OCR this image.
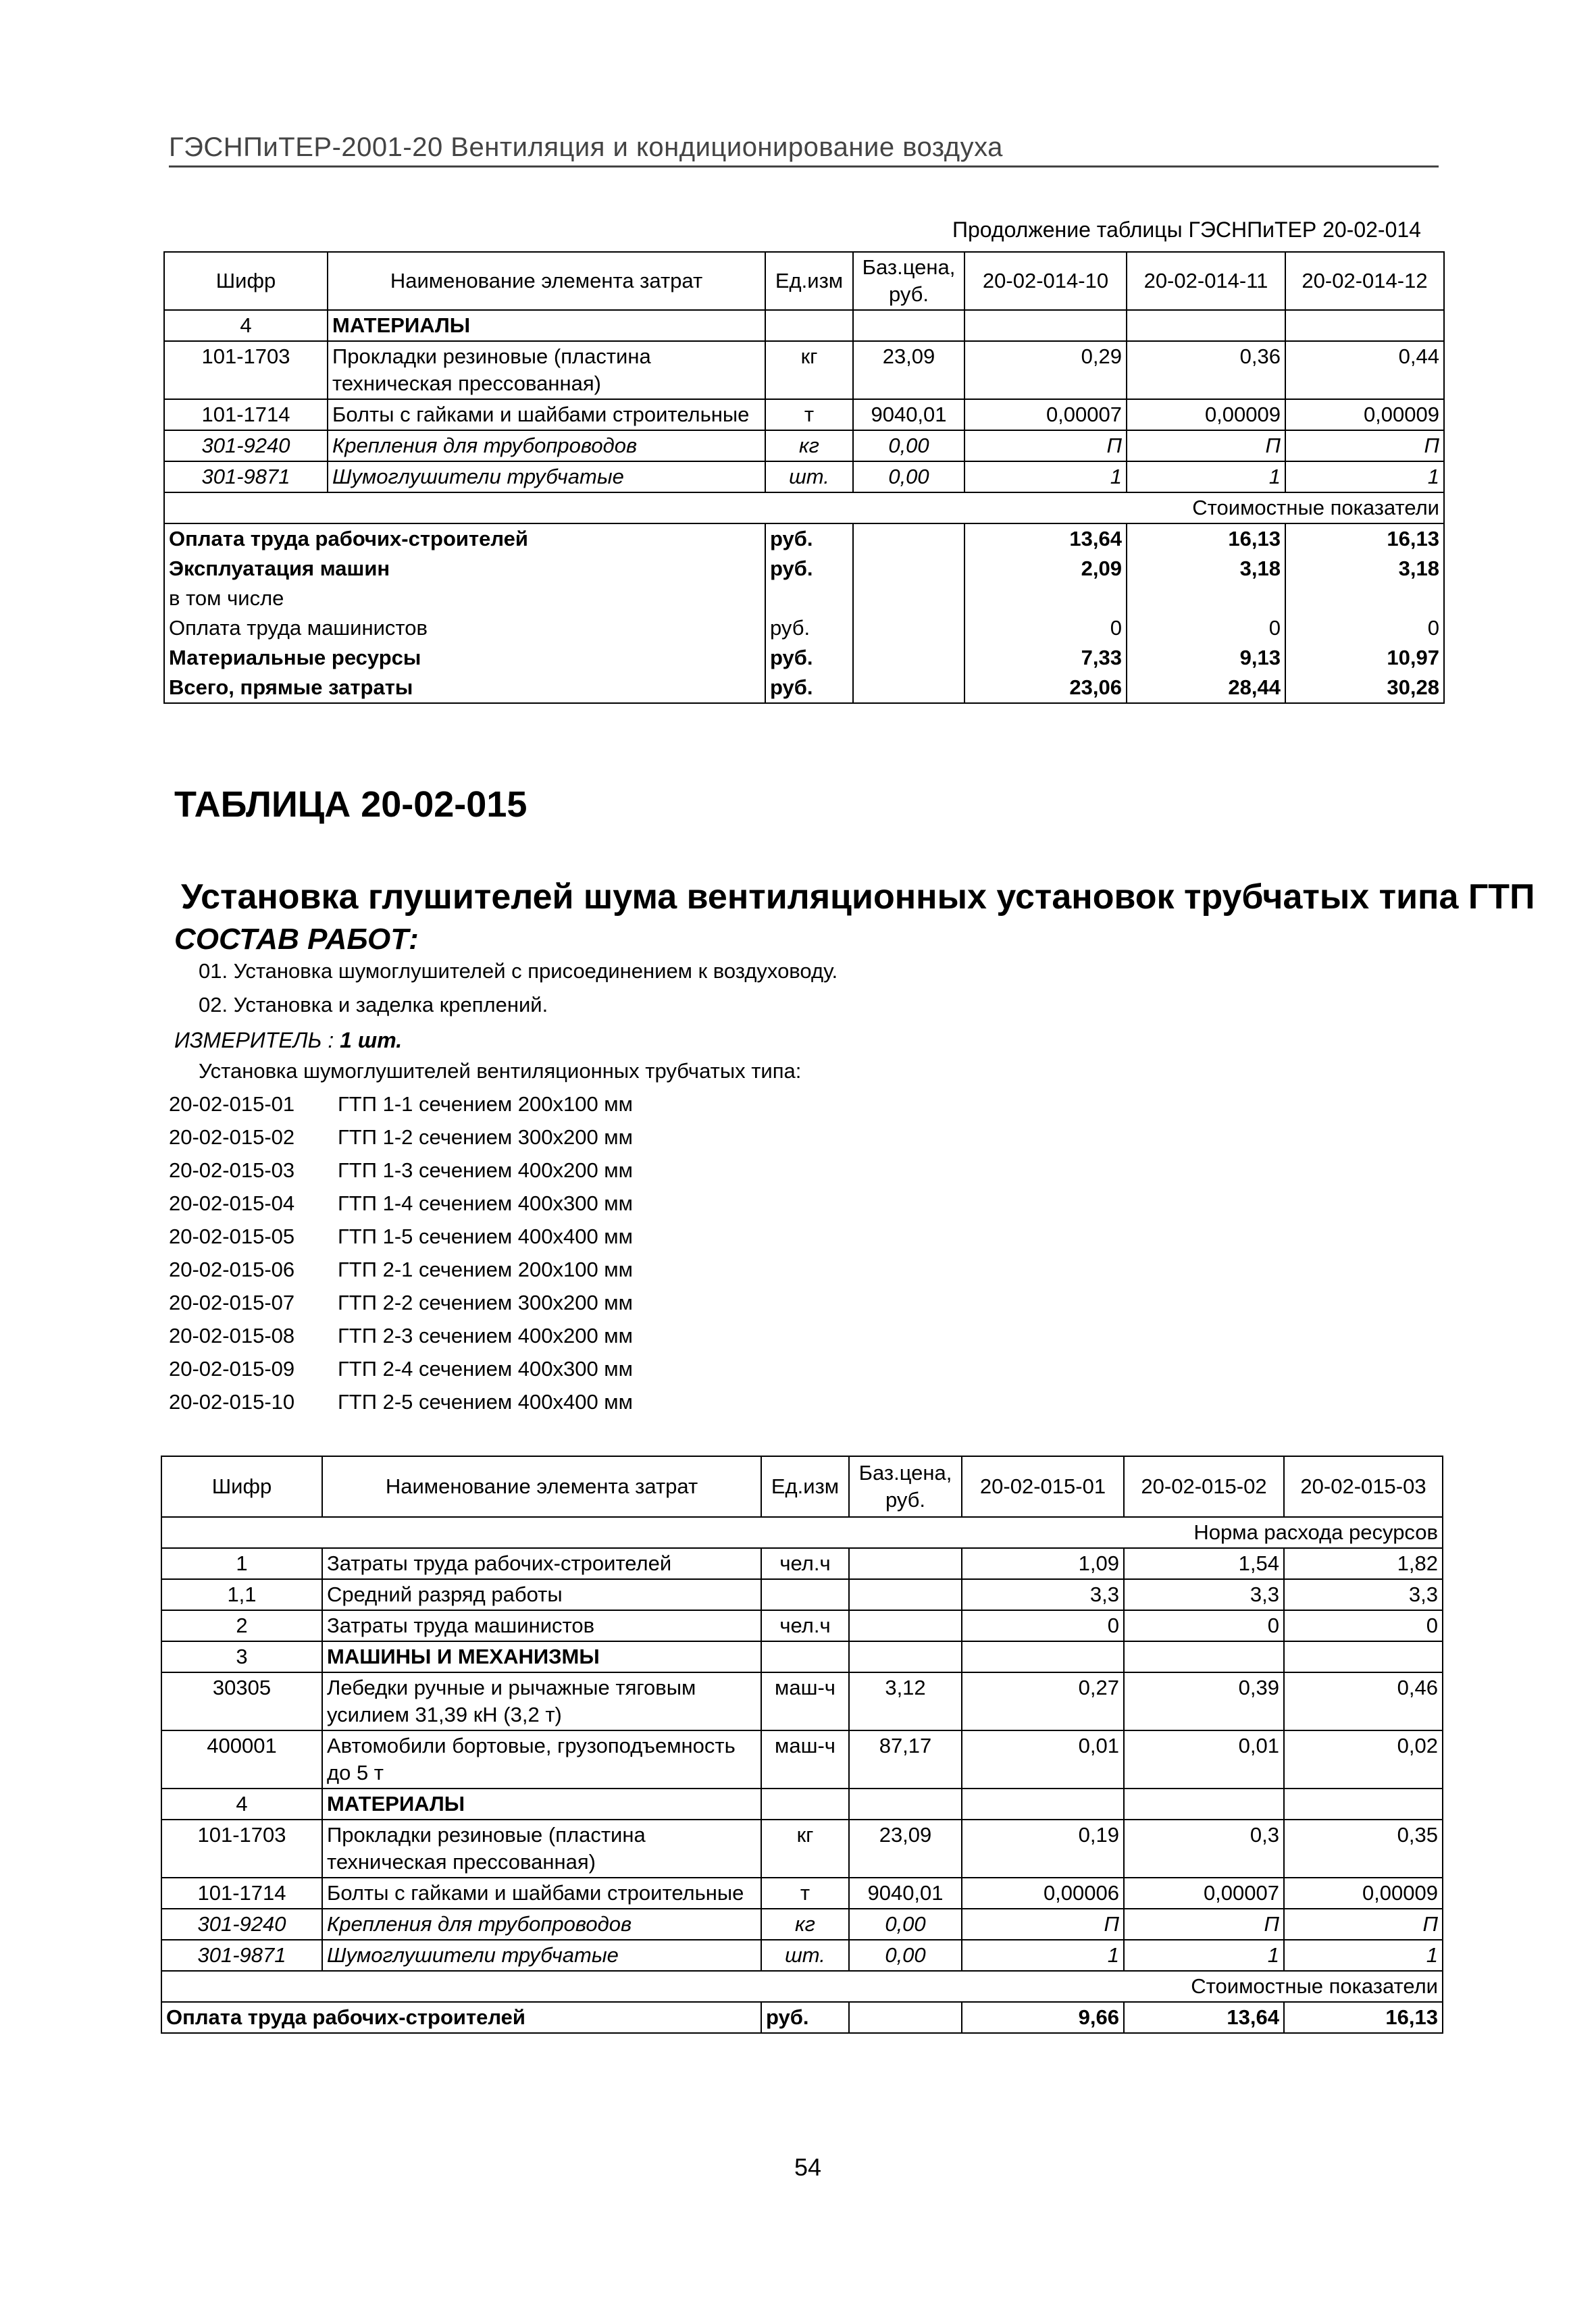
ГЭСНПиТЕР-2001-20 Вентиляция и кондиционирование воздуха
Продолжение таблицы ГЭСНПиТЕР 20-02-014
Шифр	Наименование элемента затрат	Ед.изм	Баз.цена, руб.	20-02-014-10	20-02-014-11	20-02-014-12
4	МАТЕРИАЛЫ					
101-1703	Прокладки резиновые (пластина техническая прессованная)	кг	23,09	0,29	0,36	0,44
101-1714	Болты с гайками и шайбами строительные	т	9040,01	0,00007	0,00009	0,00009
301-9240	Крепления для трубопроводов	кг	0,00	П	П	П
301-9871	Шумоглушители трубчатые	шт.	0,00	1	1	1
Стоимостные показатели						
Оплата труда рабочих-строителей		руб.		13,64	16,13	16,13
Эксплуатация машин		руб.		2,09	3,18	3,18
в том числе						
Оплата труда машинистов		руб.		0	0	0
Материальные ресурсы		руб.		7,33	9,13	10,97
Всего, прямые затраты		руб.		23,06	28,44	30,28
ТАБЛИЦА 20-02-015
Установка глушителей шума вентиляционных установок трубчатых типа ГТП
СОСТАВ РАБОТ:
01. Установка шумоглушителей с присоединением к воздуховоду.
02. Установка и заделка креплений.
ИЗМЕРИТЕЛЬ : 1 шт.
Установка шумоглушителей вентиляционных трубчатых типа:
20-02-015-01 ГТП 1-1 сечением 200х100 мм
20-02-015-02 ГТП 1-2 сечением 300х200 мм
20-02-015-03 ГТП 1-3 сечением 400х200 мм
20-02-015-04 ГТП 1-4 сечением 400х300 мм
20-02-015-05 ГТП 1-5 сечением 400х400 мм
20-02-015-06 ГТП 2-1 сечением 200х100 мм
20-02-015-07 ГТП 2-2 сечением 300х200 мм
20-02-015-08 ГТП 2-3 сечением 400х200 мм
20-02-015-09 ГТП 2-4 сечением 400х300 мм
20-02-015-10 ГТП 2-5 сечением 400х400 мм
Шифр	Наименование элемента затрат	Ед.изм	Баз.цена, руб.	20-02-015-01	20-02-015-02	20-02-015-03
Норма расхода ресурсов						
1	Затраты труда рабочих-строителей	чел.ч		1,09	1,54	1,82
1,1	Средний разряд работы			3,3	3,3	3,3
2	Затраты труда машинистов	чел.ч		0	0	0
3	МАШИНЫ И МЕХАНИЗМЫ					
30305	Лебедки ручные и рычажные тяговым усилием 31,39 кН (3,2 т)	маш-ч	3,12	0,27	0,39	0,46
400001	Автомобили бортовые, грузоподъемность до 5 т	маш-ч	87,17	0,01	0,01	0,02
4	МАТЕРИАЛЫ					
101-1703	Прокладки резиновые (пластина техническая прессованная)	кг	23,09	0,19	0,3	0,35
101-1714	Болты с гайками и шайбами строительные	т	9040,01	0,00006	0,00007	0,00009
301-9240	Крепления для трубопроводов	кг	0,00	П	П	П
301-9871	Шумоглушители трубчатые	шт.	0,00	1	1	1
Стоимостные показатели						
Оплата труда рабочих-строителей		руб.		9,66	13,64	16,13
54
